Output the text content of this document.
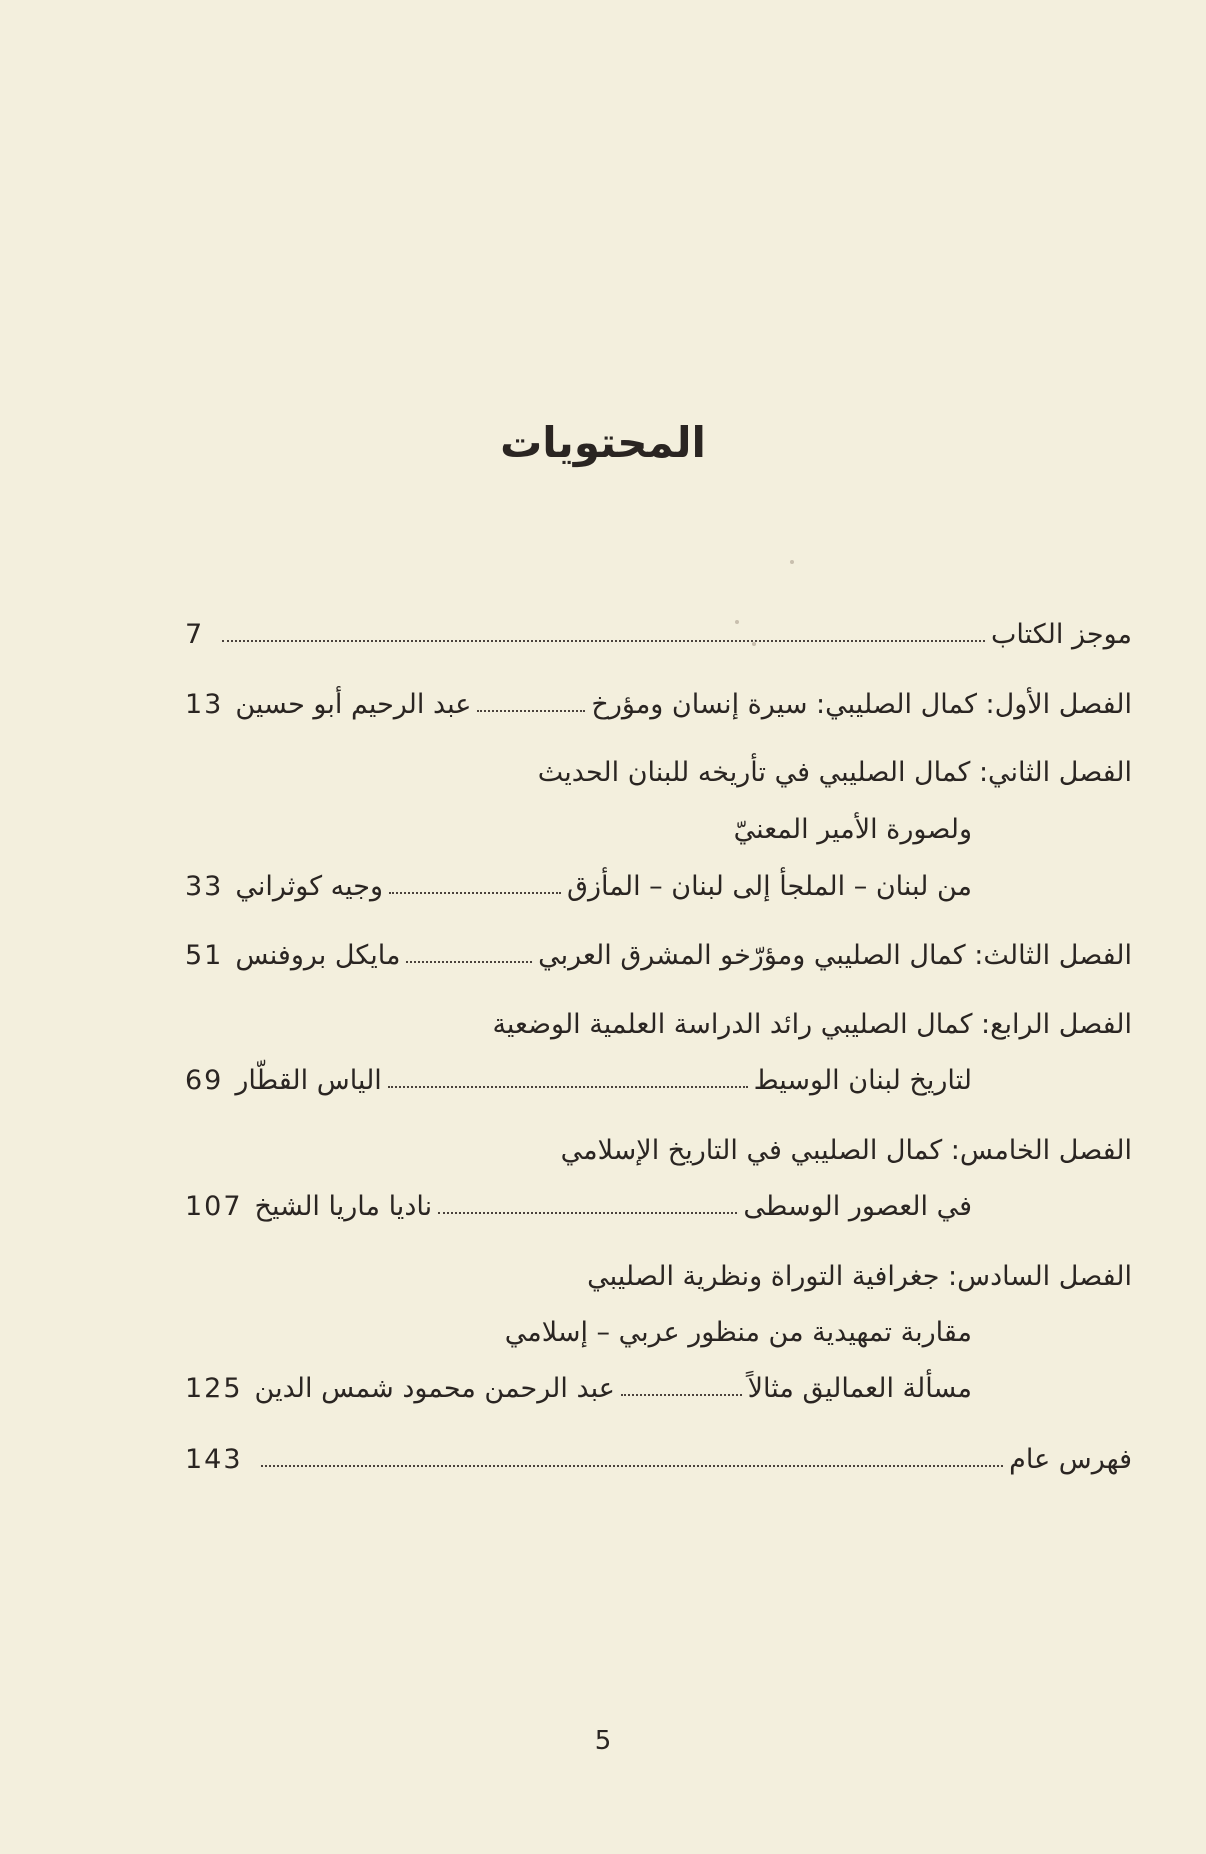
المحتويات
موجز الكتاب
7
الفصل الأول: كمال الصليبي: سيرة إنسان ومؤرخ
عبد الرحيم أبو حسين
13
الفصل الثاني: كمال الصليبي في تأريخه للبنان الحديث
ولصورة الأمير المعنيّ
من لبنان – الملجأ إلى لبنان – المأزق
وجيه كوثراني
33
الفصل الثالث: كمال الصليبي ومؤرّخو المشرق العربي
مايكل بروفنس
51
الفصل الرابع: كمال الصليبي رائد الدراسة العلمية الوضعية
لتاريخ لبنان الوسيط
الياس القطّار
69
الفصل الخامس: كمال الصليبي في التاريخ الإسلامي
في العصور الوسطى
ناديا ماريا الشيخ
107
الفصل السادس: جغرافية التوراة ونظرية الصليبي
مقاربة تمهيدية من منظور عربي – إسلامي
مسألة العماليق مثالاً
عبد الرحمن محمود شمس الدين
125
فهرس عام
143
5
